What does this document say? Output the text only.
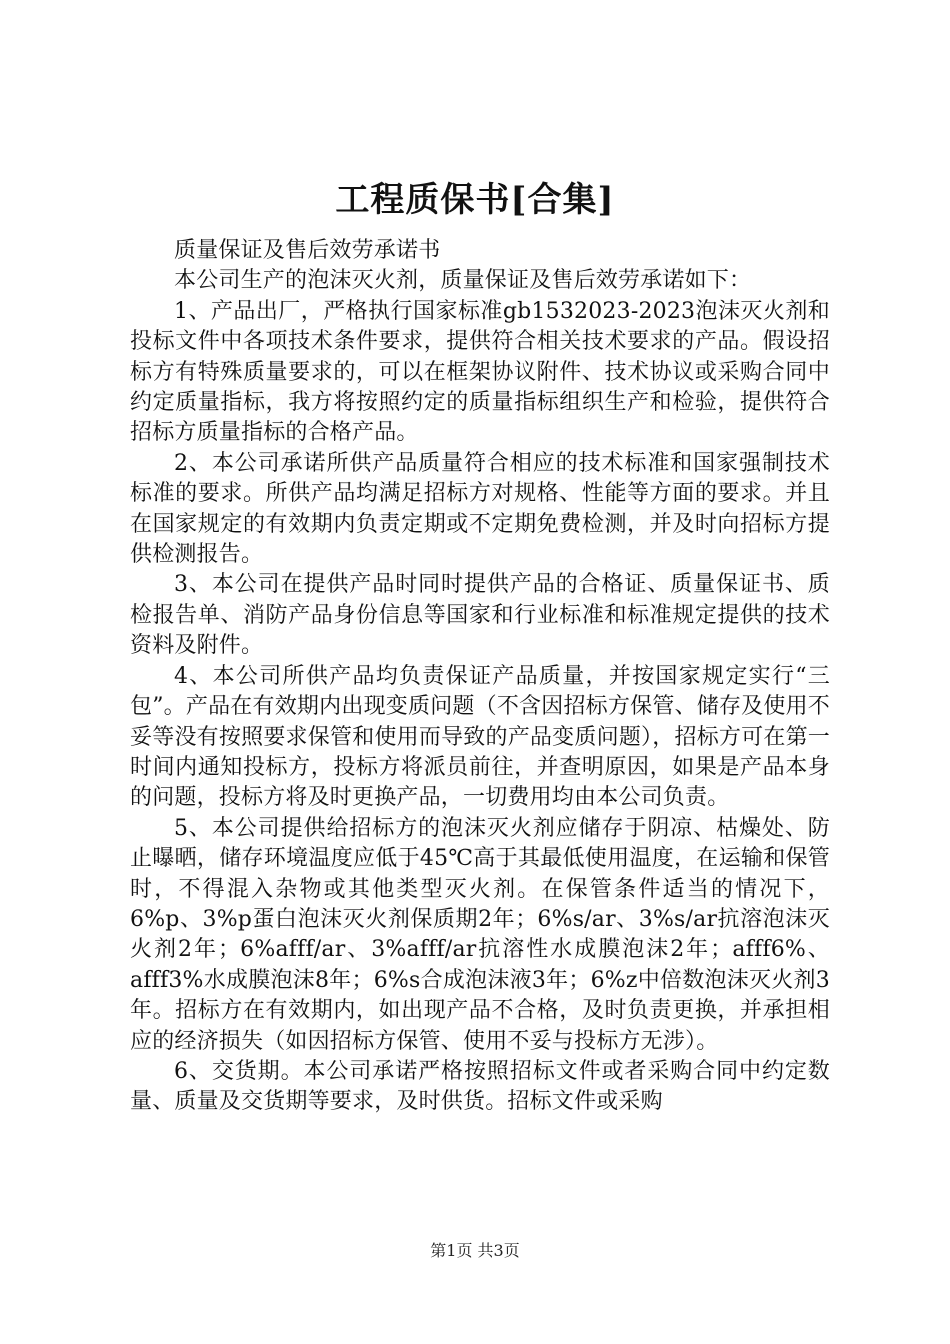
工程质保书[合集]

质量保证及售后效劳承诺书

本公司生产的泡沫灭火剂，质量保证及售后效劳承诺如下：

1、产品出厂，严格执行国家标准gb1532023-2023泡沫灭火剂和投标文件中各项技术条件要求，提供符合相关技术要求的产品。假设招标方有特殊质量要求的，可以在框架协议附件、技术协议或采购合同中约定质量指标，我方将按照约定的质量指标组织生产和检验，提供符合招标方质量指标的合格产品。

2、本公司承诺所供产品质量符合相应的技术标准和国家强制技术标准的要求。所供产品均满足招标方对规格、性能等方面的要求。并且在国家规定的有效期内负责定期或不定期免费检测，并及时向招标方提供检测报告。

3、本公司在提供产品时同时提供产品的合格证、质量保证书、质检报告单、消防产品身份信息等国家和行业标准和标准规定提供的技术资料及附件。

4、本公司所供产品均负责保证产品质量，并按国家规定实行“三包”。产品在有效期内出现变质问题（不含因招标方保管、储存及使用不妥等没有按照要求保管和使用而导致的产品变质问题），招标方可在第一时间内通知投标方，投标方将派员前往，并查明原因，如果是产品本身的问题，投标方将及时更换产品，一切费用均由本公司负责。

5、本公司提供给招标方的泡沫灭火剂应储存于阴凉、枯燥处、防止曝晒，储存环境温度应低于45℃高于其最低使用温度，在运输和保管时，不得混入杂物或其他类型灭火剂。在保管条件适当的情况下，6%p、3%p蛋白泡沫灭火剂保质期2年；6%s/ar、3%s/ar抗溶泡沫灭火剂2年；6%afff/ar、3%afff/ar抗溶性水成膜泡沫2年；afff6%、afff3%水成膜泡沫8年；6%s合成泡沫液3年；6%z中倍数泡沫灭火剂3年。招标方在有效期内，如出现产品不合格，及时负责更换，并承担相应的经济损失（如因招标方保管、使用不妥与投标方无涉）。

6、交货期。本公司承诺严格按照招标文件或者采购合同中约定数量、质量及交货期等要求，及时供货。招标文件或采购

第1页 共3页
